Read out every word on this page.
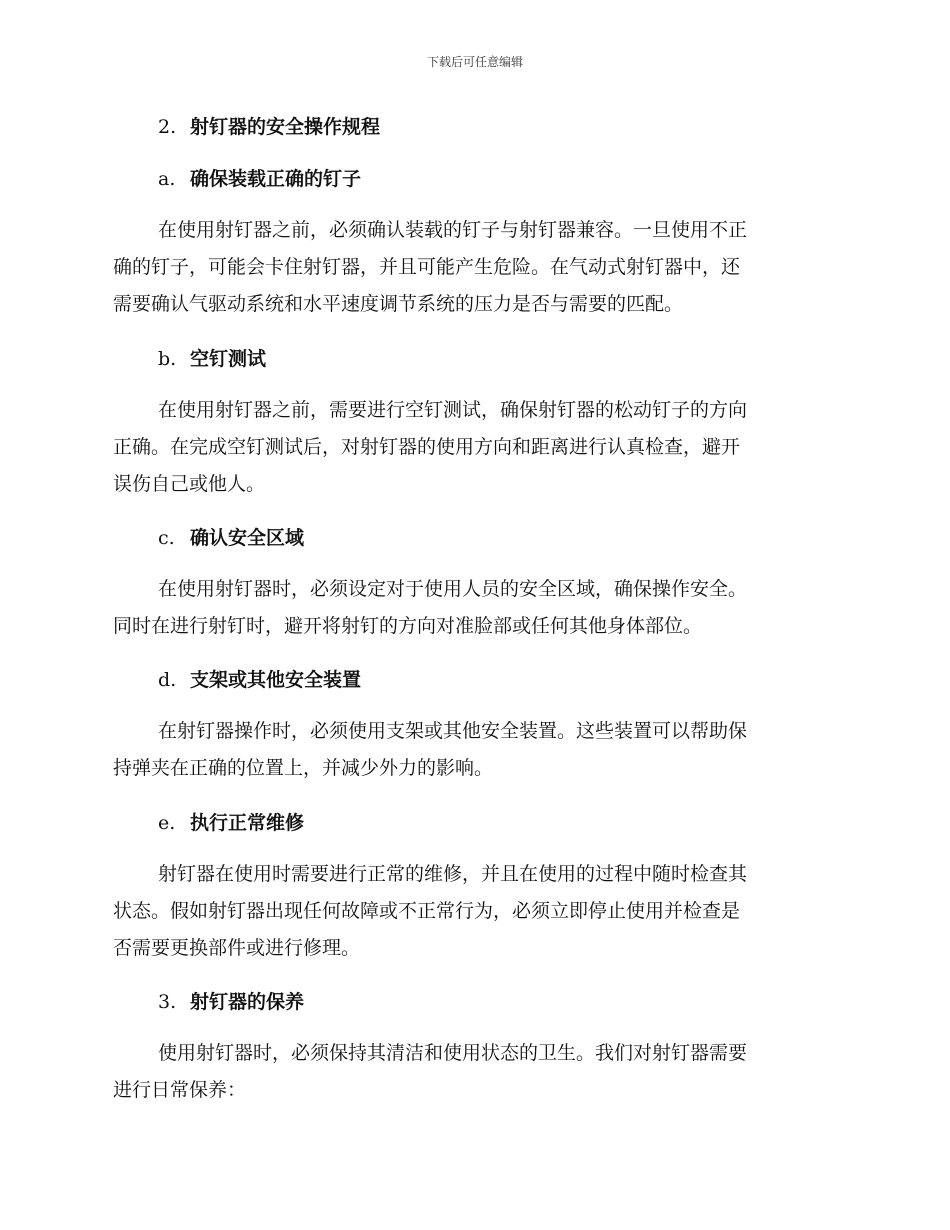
下载后可任意编辑
2. 射钉器的安全操作规程
a. 确保装载正确的钉子
在使用射钉器之前，必须确认装载的钉子与射钉器兼容。一旦使用不正
确的钉子，可能会卡住射钉器，并且可能产生危险。在气动式射钉器中，还
需要确认气驱动系统和水平速度调节系统的压力是否与需要的匹配。
b. 空钉测试
在使用射钉器之前，需要进行空钉测试，确保射钉器的松动钉子的方向
正确。在完成空钉测试后，对射钉器的使用方向和距离进行认真检查，避开
误伤自己或他人。
c. 确认安全区域
在使用射钉器时，必须设定对于使用人员的安全区域，确保操作安全。
同时在进行射钉时，避开将射钉的方向对准脸部或任何其他身体部位。
d. 支架或其他安全装置
在射钉器操作时，必须使用支架或其他安全装置。这些装置可以帮助保
持弹夹在正确的位置上，并减少外力的影响。
e. 执行正常维修
射钉器在使用时需要进行正常的维修，并且在使用的过程中随时检查其
状态。假如射钉器出现任何故障或不正常行为，必须立即停止使用并检查是
否需要更换部件或进行修理。
3. 射钉器的保养
使用射钉器时，必须保持其清洁和使用状态的卫生。我们对射钉器需要
进行日常保养：
